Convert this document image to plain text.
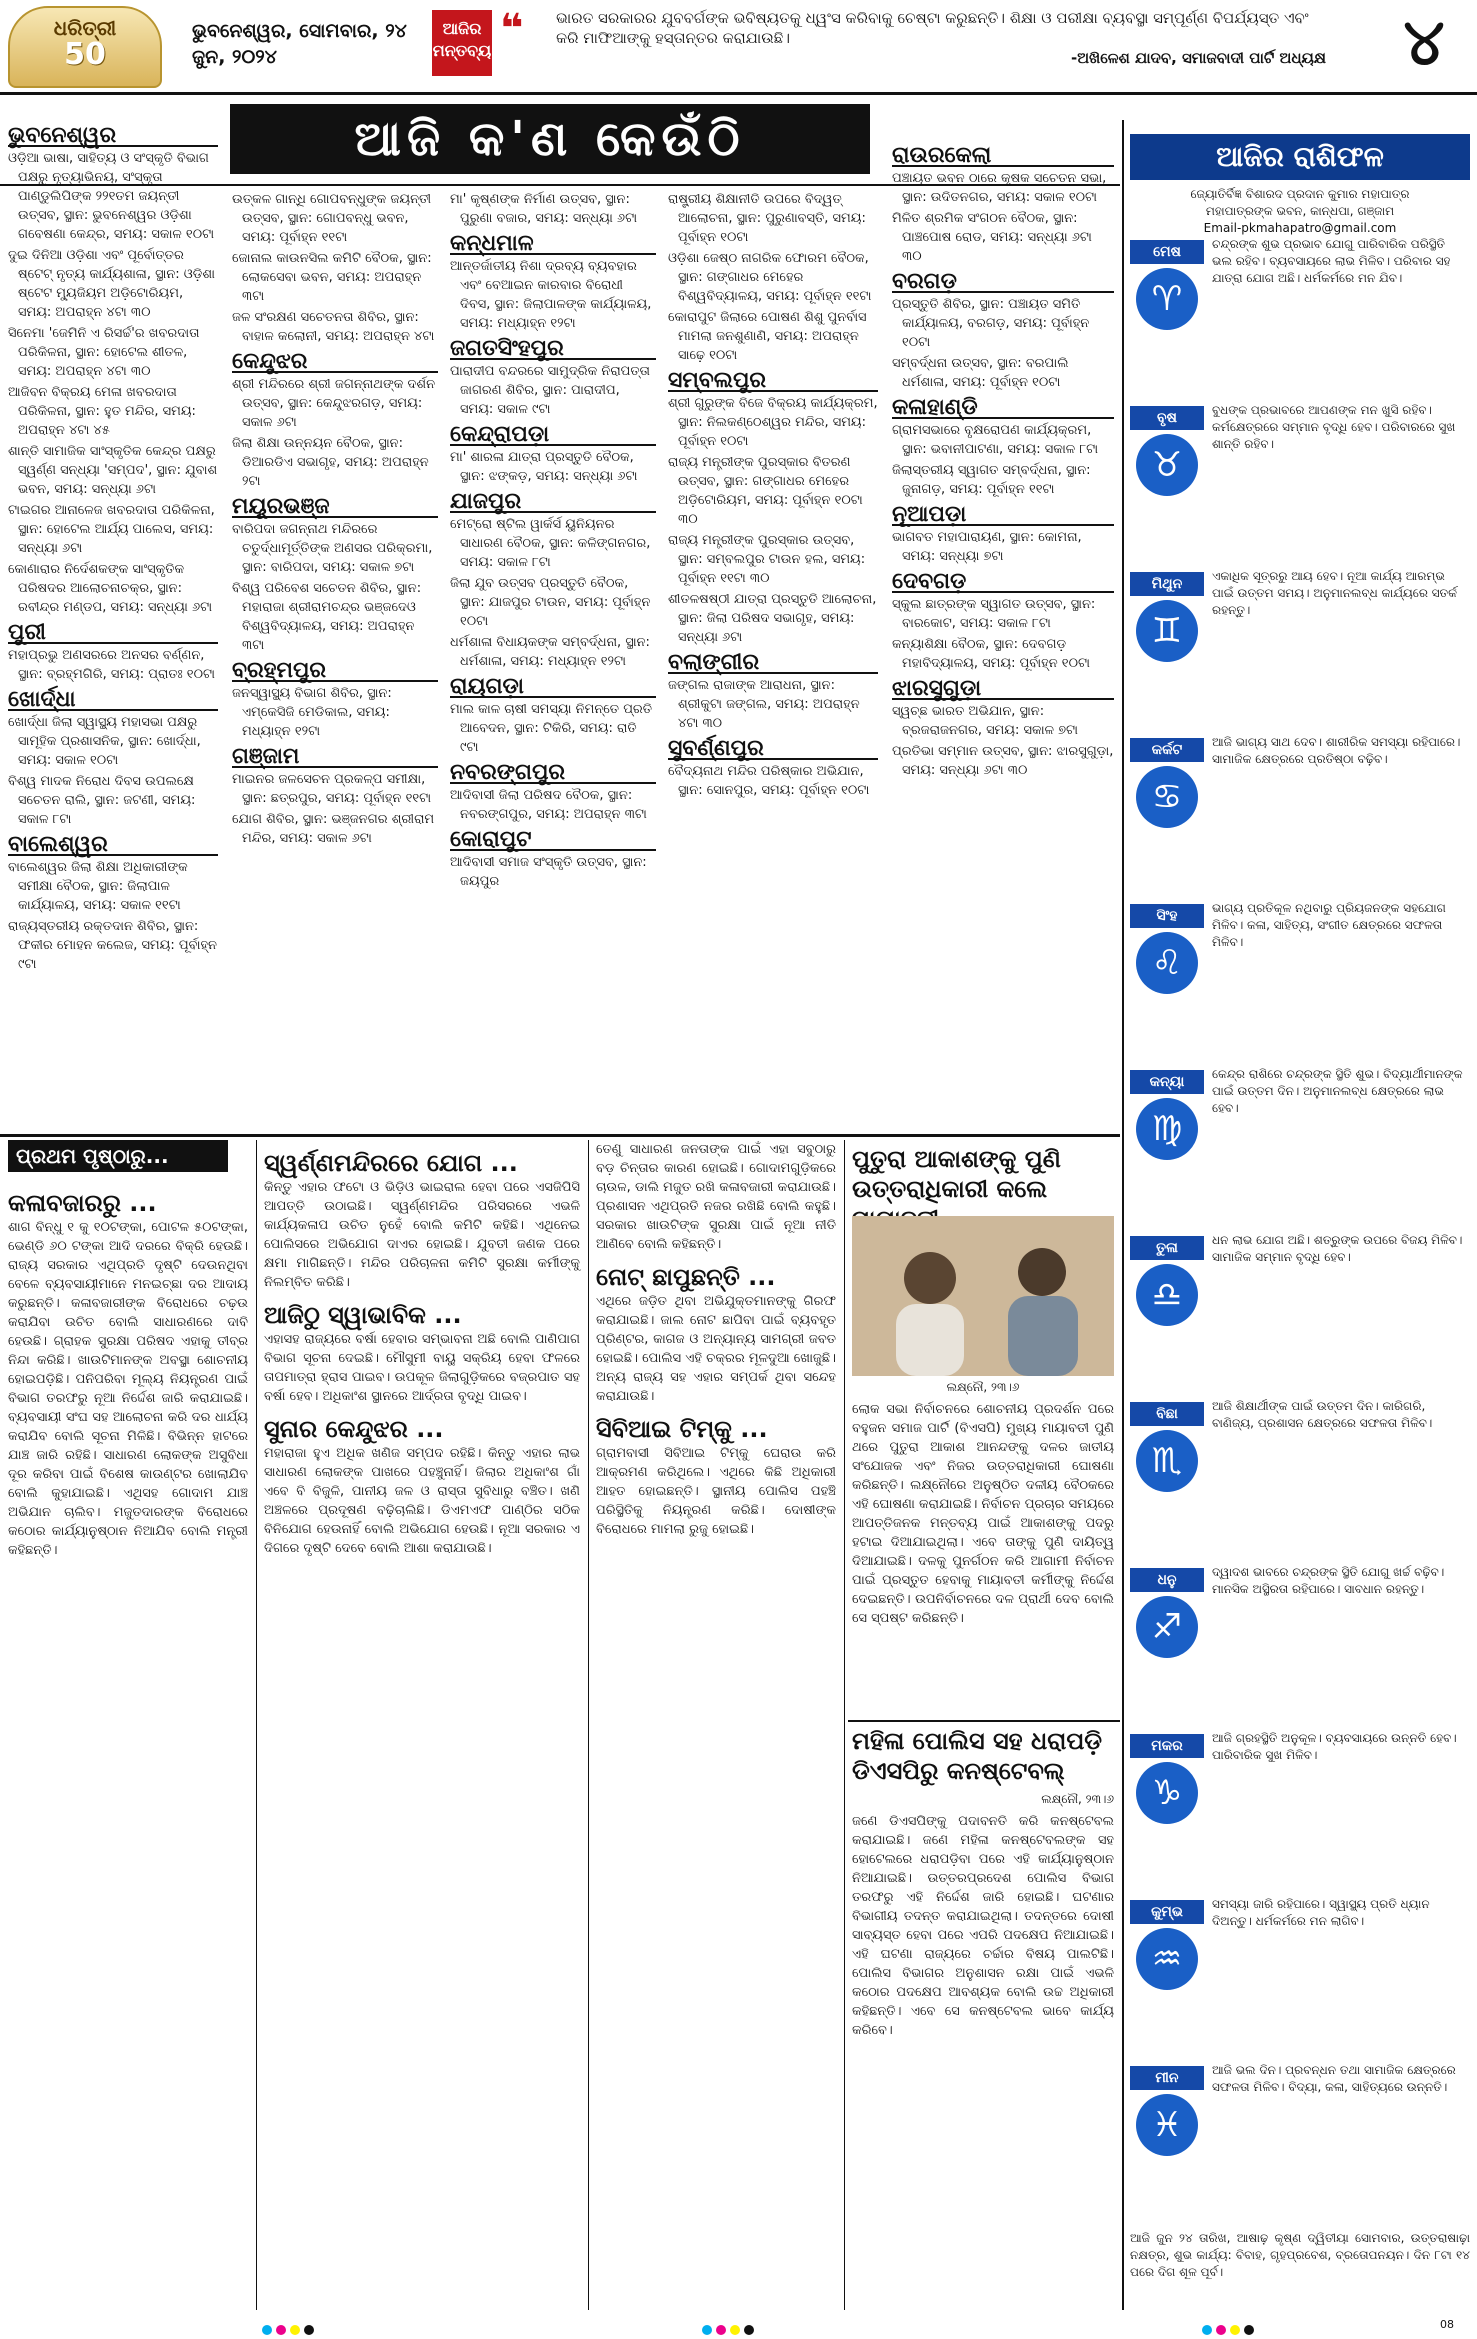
ଧରିତ୍ରୀ
50
ଭୁବନେଶ୍ୱର, ସୋମବାର, ୨୪ ଜୁନ, ୨୦୨୪
ଆଜିର ମନ୍ତବ୍ୟ ❝ ଭାରତ ସରକାରର ଯୁବବର୍ଗଙ୍କ ଭବିଷ୍ୟତକୁ ଧ୍ୱଂସ କରିବାକୁ ଚେଷ୍ଟା କରୁଛନ୍ତି। ଶିକ୍ଷା ଓ ପରୀକ୍ଷା ବ୍ୟବସ୍ଥା ସମ୍ପୂର୍ଣ୍ଣ ବିପର୍ଯ୍ୟସ୍ତ ଏବଂ କରି ମାଫିଆଙ୍କୁ ହସ୍ତାନ୍ତର କରାଯାଉଛି।
-ଅଖିଳେଶ ଯାଦବ, ସମାଜବାଦୀ ପାର୍ଟି ଅଧ୍ୟକ୍ଷ	୪
ଆଜି କ'ଣ କେଉଁଠି
ଭୁବନେଶ୍ୱର
ଓଡ଼ିଆ ଭାଷା, ସାହିତ୍ୟ ଓ ସଂସ୍କୃତି ବିଭାଗ ପକ୍ଷରୁ ନୃତ୍ୟାଭିନୟ, ସଂସ୍କୃତା ପାଣ୍ଡୁଲିପିଙ୍କ ୨୨୧ତମ ଜୟନ୍ତୀ ଉତ୍ସବ, ସ୍ଥାନ: ଭୁବନେଶ୍ୱର ଓଡ଼ିଶା ଗବେଷଣା କେନ୍ଦ୍ର, ସମୟ: ସକାଳ ୧୦ଟା
ଦୁଇ ଦିନିଆ ଓଡ଼ିଶା ଏବଂ ପୂର୍ବୋତ୍ତର ଷ୍ଟେଟ୍ ନୃତ୍ୟ କାର୍ଯ୍ୟଶାଳା, ସ୍ଥାନ: ଓଡ଼ିଶା ଷ୍ଟେଟ ମ୍ୟୁଜିୟମ ଅଡ଼ିଟୋରିୟମ, ସମୟ: ଅପରାହ୍ନ ୪ଟା ୩୦
ସିନେମା 'ଜେମିନି ଏ ରିସର୍ଚ୍ଚ'ର ଖବରଦାତା ପରିକିଳନା, ସ୍ଥାନ: ହୋଟେଲ ଶୀତଳ, ସମୟ: ଅପରାହ୍ନ ୪ଟା ୩୦
ଆଜିବନ ବିକ୍ରୟ ମେଳା ଖବରଦାତା ପରିକିଳନା, ସ୍ଥାନ: ହୁତ ମନ୍ଦିର, ସମୟ: ଅପରାହ୍ନ ୪ଟା ୪୫
ଶାନ୍ତି ସାମାଜିକ ସାଂସ୍କୃତିକ କେନ୍ଦ୍ର ପକ୍ଷରୁ ସ୍ୱର୍ଣ୍ଣ ସନ୍ଧ୍ୟା 'ସମ୍ପଦ', ସ୍ଥାନ: ଯୁବାଶ ଭବନ, ସମୟ: ସନ୍ଧ୍ୟା ୬ଟା
ଟାଇଗର ଆନାଳେଜ ଖବରଦାତା ପରିକିଳନା, ସ୍ଥାନ: ହୋଟେଲ ଆର୍ଯ୍ୟ ପାଲେସ, ସମୟ: ସନ୍ଧ୍ୟା ୬ଟା
କୋଣାରାର ନିର୍ଦେଶକଙ୍କ ସାଂସ୍କୃତିକ ପରିଷଦର ଆଲୋଚନାଚକ୍ର, ସ୍ଥାନ: ରବୀନ୍ଦ୍ର ମଣ୍ଡପ, ସମୟ: ସନ୍ଧ୍ୟା ୬ଟା
ପୁରୀ
ମହାପ୍ରଭୁ ଅଣସରରେ ଅନସର ବର୍ଣ୍ଣନ, ସ୍ଥାନ: ବ୍ରହ୍ମଗିରି, ସମୟ: ପ୍ରାତଃ ୧୦ଟା
ଖୋର୍ଦ୍ଧା
ଖୋର୍ଦ୍ଧା ଜିଲା ସ୍ୱାସ୍ଥ୍ୟ ମହାସଭା ପକ୍ଷରୁ ସାମୂହିକ ପ୍ରଶାସନିକ, ସ୍ଥାନ: ଖୋର୍ଦ୍ଧା, ସମୟ: ସକାଳ ୧୦ଟା
ବିଶ୍ୱ ମାଦକ ନିରୋଧ ଦିବସ ଉପଲକ୍ଷେ ସଚେତନ ରାଲି, ସ୍ଥାନ: ଜଟଣୀ, ସମୟ: ସକାଳ ୮ଟା
ବାଲେଶ୍ୱର
ବାଲେଶ୍ୱର ଜିଲା ଶିକ୍ଷା ଅଧିକାରୀଙ୍କ ସମୀକ୍ଷା ବୈଠକ, ସ୍ଥାନ: ଜିଲାପାଳ କାର୍ଯ୍ୟାଳୟ, ସମୟ: ସକାଳ ୧୧ଟା
ରାଜ୍ୟସ୍ତରୀୟ ରକ୍ତଦାନ ଶିବିର, ସ୍ଥାନ: ଫକୀର ମୋହନ କଲେଜ, ସମୟ: ପୂର୍ବାହ୍ନ ୯ଟା
ଉତ୍କଳ ଗାନ୍ଧି ଗୋପବନ୍ଧୁଙ୍କ ଜୟନ୍ତୀ ଉତ୍ସବ, ସ୍ଥାନ: ଗୋପବନ୍ଧୁ ଭବନ, ସମୟ: ପୂର୍ବାହ୍ନ ୧୧ଟା
ଜୋନାଲ କାଉନସିଲ କମିଟି ବୈଠକ, ସ୍ଥାନ: ଲୋକସେବା ଭବନ, ସମୟ: ଅପରାହ୍ନ ୩ଟା
ଜଳ ସଂରକ୍ଷଣ ସଚେତନତା ଶିବିର, ସ୍ଥାନ: ବାହାଳ କଲୋନୀ, ସମୟ: ଅପରାହ୍ନ ୪ଟା
କେନ୍ଦୁଝର
ଶ୍ରୀ ମନ୍ଦିରରେ ଶ୍ରୀ ଜଗନ୍ନାଥଙ୍କ ଦର୍ଶନ ଉତ୍ସବ, ସ୍ଥାନ: କେନ୍ଦୁଝରଗଡ଼, ସମୟ: ସକାଳ ୬ଟା
ଜିଲା ଶିକ୍ଷା ଉନ୍ନୟନ ବୈଠକ, ସ୍ଥାନ: ଡିଆରଡିଏ ସଭାଗୃହ, ସମୟ: ଅପରାହ୍ନ ୨ଟା
ମୟୂରଭଞ୍ଜ
ବାରିପଦା ଜଗନ୍ନାଥ ମନ୍ଦିରରେ ଚତୁର୍ଦ୍ଧାମୂର୍ତ୍ତିଙ୍କ ଅଣସର ପରିକ୍ରମା, ସ୍ଥାନ: ବାରିପଦା, ସମୟ: ସକାଳ ୭ଟା
ବିଶ୍ୱ ପରିବେଶ ସଚେତନ ଶିବିର, ସ୍ଥାନ: ମହାରାଜା ଶ୍ରୀରାମଚନ୍ଦ୍ର ଭଞ୍ଜଦେଓ ବିଶ୍ୱବିଦ୍ୟାଳୟ, ସମୟ: ଅପରାହ୍ନ ୩ଟା
ବ୍ରହ୍ମପୁର
ଜନସ୍ୱାସ୍ଥ୍ୟ ବିଭାଗ ଶିବିର, ସ୍ଥାନ: ଏମ୍‌କେସିଜି ମେଡିକାଲ, ସମୟ: ମଧ୍ୟାହ୍ନ ୧୨ଟା
ଗଞ୍ଜାମ
ମାଇନର ଜଳସେଚନ ପ୍ରକଳ୍ପ ସମୀକ୍ଷା, ସ୍ଥାନ: ଛତ୍ରପୁର, ସମୟ: ପୂର୍ବାହ୍ନ ୧୧ଟା
ଯୋଗ ଶିବିର, ସ୍ଥାନ: ଭଞ୍ଜନଗର ଶ୍ରୀରାମ ମନ୍ଦିର, ସମୟ: ସକାଳ ୬ଟା
ମା' କୃଷ୍ଣଙ୍କ ନିର୍ମାଣ ଉତ୍ସବ, ସ୍ଥାନ: ପୁରୁଣା ବଜାର, ସମୟ: ସନ୍ଧ୍ୟା ୬ଟା
କନ୍ଧମାଳ
ଆନ୍ତର୍ଜାତୀୟ ନିଶା ଦ୍ରବ୍ୟ ବ୍ୟବହାର ଏବଂ ବେଆଇନ କାରବାର ବିରୋଧୀ ଦିବସ, ସ୍ଥାନ: ଜିଲାପାଳଙ୍କ କାର୍ଯ୍ୟାଳୟ, ସମୟ: ମଧ୍ୟାହ୍ନ ୧୨ଟା
ଜଗତସିଂହପୁର
ପାରାଦୀପ ବନ୍ଦରରେ ସାମୁଦ୍ରିକ ନିରାପତ୍ତା ଜାଗରଣ ଶିବିର, ସ୍ଥାନ: ପାରାଦୀପ, ସମୟ: ସକାଳ ୯ଟା
କେନ୍ଦ୍ରାପଡ଼ା
ମା' ଶାରଳା ଯାତ୍ରା ପ୍ରସ୍ତୁତି ବୈଠକ, ସ୍ଥାନ: ଝଙ୍କଡ଼, ସମୟ: ସନ୍ଧ୍ୟା ୬ଟା
ଯାଜପୁର
ମେଟ୍ରୋ ଷ୍ଟିଲ ୱାର୍କର୍ସ ୟୁନିୟନର ସାଧାରଣ ବୈଠକ, ସ୍ଥାନ: କଳିଙ୍ଗନଗର, ସମୟ: ସକାଳ ୮ଟା
ଜିଲା ଯୁବ ଉତ୍ସବ ପ୍ରସ୍ତୁତି ବୈଠକ, ସ୍ଥାନ: ଯାଜପୁର ଟାଉନ, ସମୟ: ପୂର୍ବାହ୍ନ ୧୦ଟା
ଧର୍ମଶାଳା ବିଧାୟକଙ୍କ ସମ୍ବର୍ଦ୍ଧନା, ସ୍ଥାନ: ଧର୍ମଶାଳା, ସମୟ: ମଧ୍ୟାହ୍ନ ୧୨ଟା
ରାୟଗଡ଼ା
ମାଲ କାଳ ଚାଷୀ ସମସ୍ୟା ନିମନ୍ତେ ପ୍ରତି ଆବେଦନ, ସ୍ଥାନ: ଟିକିରି, ସମୟ: ରାତି ୯ଟା
ନବରଙ୍ଗପୁର
ଆଦିବାସୀ ଜିଲା ପରିଷଦ ବୈଠକ, ସ୍ଥାନ: ନବରଙ୍ଗପୁର, ସମୟ: ଅପରାହ୍ନ ୩ଟା
କୋରାପୁଟ
ଆଦିବାସୀ ସମାଜ ସଂସ୍କୃତି ଉତ୍ସବ, ସ୍ଥାନ: ଜୟପୁର
ରାଷ୍ଟ୍ରୀୟ ଶିକ୍ଷାନୀତି ଉପରେ ବିଦ୍ୱତ୍ ଆଲୋଚନା, ସ୍ଥାନ: ପୁରୁଣାବସ୍ତି, ସମୟ: ପୂର୍ବାହ୍ନ ୧୦ଟା
ଓଡ଼ିଶା ଜେଷ୍ଠ ନାଗରିକ ଫୋରମ ବୈଠକ, ସ୍ଥାନ: ଗଙ୍ଗାଧର ମେହେର ବିଶ୍ୱବିଦ୍ୟାଳୟ, ସମୟ: ପୂର୍ବାହ୍ନ ୧୧ଟା
କୋରାପୁଟ ଜିଲାରେ ପୋଷଣ ଶିଶୁ ପୁନର୍ବାସ ମାମଲା ଜନଶୁଣାଣି, ସମୟ: ଅପରାହ୍ନ ସାଢ଼େ ୧୦ଟା
ସମ୍ବଲପୁର
ଶ୍ରୀ ଗୁରୁଙ୍କ ବିଜେ ବିକ୍ରୟ କାର୍ଯ୍ୟକ୍ରମ, ସ୍ଥାନ: ନିଲକଣ୍ଠେଶ୍ୱର ମନ୍ଦିର, ସମୟ: ପୂର୍ବାହ୍ନ ୧୦ଟା
ରାଜ୍ୟ ମନ୍ତ୍ରୀଙ୍କ ପୁରସ୍କାର ବିତରଣ ଉତ୍ସବ, ସ୍ଥାନ: ଗଙ୍ଗାଧର ମେହେର ଅଡ଼ିଟୋରିୟମ, ସମୟ: ପୂର୍ବାହ୍ନ ୧୦ଟା ୩୦
ରାଜ୍ୟ ମନ୍ତ୍ରୀଙ୍କ ପୁରସ୍କାର ଉତ୍ସବ, ସ୍ଥାନ: ସମ୍ବଲପୁର ଟାଉନ ହଲ, ସମୟ: ପୂର୍ବାହ୍ନ ୧୧ଟା ୩୦
ଶୀତଳଷଷ୍ଠୀ ଯାତ୍ରା ପ୍ରସ୍ତୁତି ଆଲୋଚନା, ସ୍ଥାନ: ଜିଲା ପରିଷଦ ସଭାଗୃହ, ସମୟ: ସନ୍ଧ୍ୟା ୬ଟା
ବଲାଙ୍ଗୀର
ଜଙ୍ଗଲ ରାଜାଙ୍କ ଆରାଧନା, ସ୍ଥାନ: ଶ୍ରୀକୁଟା ଜଙ୍ଗଲ, ସମୟ: ଅପରାହ୍ନ ୪ଟା ୩୦
ସୁବର୍ଣ୍ଣପୁର
ବୈଦ୍ୟନାଥ ମନ୍ଦିର ପରିଷ୍କାର ଅଭିଯାନ, ସ୍ଥାନ: ସୋନପୁର, ସମୟ: ପୂର୍ବାହ୍ନ ୧୦ଟା
ରାଉରକେଲା
ପଞ୍ଚାୟତ ଭବନ ଠାରେ କୃଷକ ସଚେତନ ସଭା, ସ୍ଥାନ: ଉଦିତନଗର, ସମୟ: ସକାଳ ୧୦ଟା
ମିଳିତ ଶ୍ରମିକ ସଂଗଠନ ବୈଠକ, ସ୍ଥାନ: ପାଞ୍ଚପୋଷ ରୋଡ, ସମୟ: ସନ୍ଧ୍ୟା ୬ଟା ୩୦
ବରଗଡ଼
ପ୍ରସ୍ତୁତି ଶିବିର, ସ୍ଥାନ: ପଞ୍ଚାୟତ ସମିତି କାର୍ଯ୍ୟାଳୟ, ବରଗଡ଼, ସମୟ: ପୂର୍ବାହ୍ନ ୧୦ଟା
ସମ୍ବର୍ଦ୍ଧନା ଉତ୍ସବ, ସ୍ଥାନ: ବରପାଲି ଧର୍ମଶାଳା, ସମୟ: ପୂର୍ବାହ୍ନ ୧୦ଟା
କଳାହାଣ୍ଡି
ଗ୍ରାମସଭାରେ ବୃକ୍ଷରୋପଣ କାର୍ଯ୍ୟକ୍ରମ, ସ୍ଥାନ: ଭବାନୀପାଟଣା, ସମୟ: ସକାଳ ୮ଟା
ଜିଲାସ୍ତରୀୟ ସ୍ୱାଗତ ସମ୍ବର୍ଦ୍ଧନା, ସ୍ଥାନ: ଜୁନାଗଡ଼, ସମୟ: ପୂର୍ବାହ୍ନ ୧୧ଟା
ନୂଆପଡ଼ା
ଭାଗବତ ମହାପାରାୟଣ, ସ୍ଥାନ: କୋମନା, ସମୟ: ସନ୍ଧ୍ୟା ୭ଟା
ଦେବଗଡ଼
ସ୍କୁଲ ଛାତ୍ରଙ୍କ ସ୍ୱାଗତ ଉତ୍ସବ, ସ୍ଥାନ: ବାରକୋଟ, ସମୟ: ସକାଳ ୮ଟା
କନ୍ୟାଶିକ୍ଷା ବୈଠକ, ସ୍ଥାନ: ଦେବଗଡ଼ ମହାବିଦ୍ୟାଳୟ, ସମୟ: ପୂର୍ବାହ୍ନ ୧୦ଟା
ଝାରସୁଗୁଡ଼ା
ସ୍ୱଚ୍ଛ ଭାରତ ଅଭିଯାନ, ସ୍ଥାନ: ବ୍ରଜରାଜନଗର, ସମୟ: ସକାଳ ୭ଟା
ପ୍ରତିଭା ସମ୍ମାନ ଉତ୍ସବ, ସ୍ଥାନ: ଝାରସୁଗୁଡ଼ା, ସମୟ: ସନ୍ଧ୍ୟା ୬ଟା ୩୦
ଆଜିର ରାଶିଫଳ
ଜ୍ୟୋତିର୍ବିଜ୍ଞ ବିଶାରଦ ପ୍ରଦାନ କୁମାର ମହାପାତ୍ର
ମହାପାତ୍ରଙ୍କ ଭବନ, କାନ୍ଧପା, ଗଞ୍ଜାମ
Email-pkmahapatro@gmail.com
ମେଷ
♈
ଚନ୍ଦ୍ରଙ୍କ ଶୁଭ ପ୍ରଭାବ ଯୋଗୁ ପାରିବାରିକ ପରିସ୍ଥିତି ଭଲ ରହିବ। ବ୍ୟବସାୟରେ ଲାଭ ମିଳିବ। ପରିବାର ସହ ଯାତ୍ରା ଯୋଗ ଅଛି। ଧର୍ମକର୍ମରେ ମନ ଯିବ।
ବୃଷ
♉
ବୁଧଙ୍କ ପ୍ରଭାବରେ ଆପଣଙ୍କ ମନ ଖୁସି ରହିବ। କର୍ମକ୍ଷେତ୍ରରେ ସମ୍ମାନ ବୃଦ୍ଧି ହେବ। ପରିବାରରେ ସୁଖ ଶାନ୍ତି ରହିବ।
ମିଥୁନ
♊
ଏକାଧିକ ସୂତ୍ରରୁ ଆୟ ହେବ। ନୂଆ କାର୍ଯ୍ୟ ଆରମ୍ଭ ପାଇଁ ଉତ୍ତମ ସମୟ। ଅନୁମାନଲବ୍ଧ କାର୍ଯ୍ୟରେ ସତର୍କ ରହନ୍ତୁ।
କର୍କଟ
♋
ଆଜି ଭାଗ୍ୟ ସାଥ ଦେବ। ଶାରୀରିକ ସମସ୍ୟା ରହିପାରେ। ସାମାଜିକ କ୍ଷେତ୍ରରେ ପ୍ରତିଷ୍ଠା ବଢ଼ିବ।
ସିଂହ
♌
ଭାଗ୍ୟ ପ୍ରତିକୂଳ ନଥିବାରୁ ପ୍ରିୟଜନଙ୍କ ସହଯୋଗ ମିଳିବ। କଳା, ସାହିତ୍ୟ, ସଂଗୀତ କ୍ଷେତ୍ରରେ ସଫଳତା ମିଳିବ।
କନ୍ୟା
♍
କେନ୍ଦ୍ର ରାଶିରେ ଚନ୍ଦ୍ରଙ୍କ ସ୍ଥିତି ଶୁଭ। ବିଦ୍ୟାର୍ଥୀମାନଙ୍କ ପାଇଁ ଉତ୍ତମ ଦିନ। ଅନୁମାନଲବ୍ଧ କ୍ଷେତ୍ରରେ ଲାଭ ହେବ।
ତୁଳା
♎
ଧନ ଲାଭ ଯୋଗ ଅଛି। ଶତ୍ରୁଙ୍କ ଉପରେ ବିଜୟ ମିଳିବ। ସାମାଜିକ ସମ୍ମାନ ବୃଦ୍ଧି ହେବ।
ବିଛା
♏
ଆଜି ଶିକ୍ଷାର୍ଥୀଙ୍କ ପାଇଁ ଉତ୍ତମ ଦିନ। କାରିଗରି, ବାଣିଜ୍ୟ, ପ୍ରଶାସନ କ୍ଷେତ୍ରରେ ସଫଳତା ମିଳିବ।
ଧନୁ
♐
ଦ୍ୱାଦଶ ଭାବରେ ଚନ୍ଦ୍ରଙ୍କ ସ୍ଥିତି ଯୋଗୁ ଖର୍ଚ୍ଚ ବଢ଼ିବ। ମାନସିକ ଅସ୍ଥିରତା ରହିପାରେ। ସାବଧାନ ରହନ୍ତୁ।
ମକର
♑
ଆଜି ଗ୍ରହସ୍ଥିତି ଅନୁକୂଳ। ବ୍ୟବସାୟରେ ଉନ୍ନତି ହେବ। ପାରିବାରିକ ସୁଖ ମିଳିବ।
କୁମ୍ଭ
♒
ସମସ୍ୟା ଜାରି ରହିପାରେ। ସ୍ୱାସ୍ଥ୍ୟ ପ୍ରତି ଧ୍ୟାନ ଦିଅନ୍ତୁ। ଧର୍ମକର୍ମରେ ମନ ଲାଗିବ।
ମୀନ
♓
ଆଜି ଭଲ ଦିନ। ପ୍ରବନ୍ଧନ ତଥା ସାମାଜିକ କ୍ଷେତ୍ରରେ ସଫଳତା ମିଳିବ। ବିଦ୍ୟା, କଳା, ସାହିତ୍ୟରେ ଉନ୍ନତି।
ଆଜି ଜୁନ ୨୪ ତାରିଖ, ଆଷାଢ଼ କୃଷ୍ଣ ଦ୍ୱିତୀୟା ସୋମବାର, ଉତ୍ତରାଷାଢ଼ା ନକ୍ଷତ୍ର, ଶୁଭ କାର୍ଯ୍ୟ: ବିବାହ, ଗୃହପ୍ରବେଶ, ବ୍ରତୋପନୟନ। ଦିନ ୮ଟା ୧୪ ପରେ ଦିଗ ଶୂଳ ପୂର୍ବ।
ପ୍ରଥମ ପୃଷ୍ଠାରୁ...
କଳାବଜାରରୁ ...
ଶାଗ ବିନ୍ଧୁ ୧ କୁ ୧୦ଟଙ୍କା, ପୋଟଳ ୫୦ଟଙ୍କା, ଭେଣ୍ଡି ୬୦ ଟଙ୍କା ଆଦି ଦରରେ ବିକ୍ରି ହେଉଛି। ରାଜ୍ୟ ସରକାର ଏଥିପ୍ରତି ଦୃଷ୍ଟି ଦେଉନଥିବା ବେଳେ ବ୍ୟବସାୟୀମାନେ ମନଇଚ୍ଛା ଦର ଆଦାୟ କରୁଛନ୍ତି। କଳାବଜାରୀଙ୍କ ବିରୋଧରେ ଚଢ଼ଉ କରାଯିବା ଉଚିତ ବୋଲି ସାଧାରଣରେ ଦାବି ହେଉଛି। ଗ୍ରାହକ ସୁରକ୍ଷା ପରିଷଦ ଏହାକୁ ତୀବ୍ର ନିନ୍ଦା କରିଛି। ଖାଉଟିମାନଙ୍କ ଅବସ୍ଥା ଶୋଚନୀୟ ହୋଇପଡ଼ିଛି। ପନିପରିବା ମୂଲ୍ୟ ନିୟନ୍ତ୍ରଣ ପାଇଁ ବିଭାଗ ତରଫରୁ ନୂଆ ନିର୍ଦ୍ଦେଶ ଜାରି କରାଯାଇଛି। ବ୍ୟବସାୟୀ ସଂଘ ସହ ଆଲୋଚନା କରି ଦର ଧାର୍ଯ୍ୟ କରାଯିବ ବୋଲି ସୂଚନା ମିଳିଛି। ବିଭିନ୍ନ ହାଟରେ ଯାଞ୍ଚ ଜାରି ରହିଛି। ସାଧାରଣ ଲୋକଙ୍କ ଅସୁବିଧା ଦୂର କରିବା ପାଇଁ ବିଶେଷ କାଉଣ୍ଟର ଖୋଲାଯିବ ବୋଲି କୁହାଯାଇଛି। ଏଥିସହ ଗୋଦାମ ଯାଞ୍ଚ ଅଭିଯାନ ଚାଲିବ। ମଜୁତଦାରଙ୍କ ବିରୋଧରେ କଠୋର କାର୍ଯ୍ୟାନୁଷ୍ଠାନ ନିଆଯିବ ବୋଲି ମନ୍ତ୍ରୀ କହିଛନ୍ତି।
ସ୍ୱର୍ଣ୍ଣମନ୍ଦିରରେ ଯୋଗ ...
କିନ୍ତୁ ଏହାର ଫଟୋ ଓ ଭିଡ଼ିଓ ଭାଇରାଲ ହେବା ପରେ ଏସଜିପିସି ଆପତ୍ତି ଉଠାଇଛି। ସ୍ୱର୍ଣ୍ଣମନ୍ଦିର ପରିସରରେ ଏଭଳି କାର୍ଯ୍ୟକଳାପ ଉଚିତ ନୁହେଁ ବୋଲି କମିଟି କହିଛି। ଏଥିନେଇ ପୋଲିସରେ ଅଭିଯୋଗ ଦାଏର ହୋଇଛି। ଯୁବତୀ ଜଣକ ପରେ କ୍ଷମା ମାଗିଛନ୍ତି। ମନ୍ଦିର ପରିଚାଳନା କମିଟି ସୁରକ୍ଷା କର୍ମୀଙ୍କୁ ନିଲମ୍ବିତ କରିଛି।
ଆଜିଠୁ ସ୍ୱାଭାବିକ ...
ଏହାସହ ରାଜ୍ୟରେ ବର୍ଷା ହେବାର ସମ୍ଭାବନା ଅଛି ବୋଲି ପାଣିପାଗ ବିଭାଗ ସୂଚନା ଦେଇଛି। ମୌସୁମୀ ବାୟୁ ସକ୍ରିୟ ହେବା ଫଳରେ ତାପମାତ୍ରା ହ୍ରାସ ପାଇବ। ଉପକୂଳ ଜିଲାଗୁଡ଼ିକରେ ବଜ୍ରପାତ ସହ ବର୍ଷା ହେବ। ଅଧିକାଂଶ ସ୍ଥାନରେ ଆର୍ଦ୍ରତା ବୃଦ୍ଧି ପାଇବ।
ସୁନାର କେନ୍ଦୁଝର ...
ମହାରାଜା ହୁଏ ଅଧିକ ଖଣିଜ ସମ୍ପଦ ରହିଛି। କିନ୍ତୁ ଏହାର ଲାଭ ସାଧାରଣ ଲୋକଙ୍କ ପାଖରେ ପହଞ୍ଚୁନାହିଁ। ଜିଲାର ଅଧିକାଂଶ ଗାଁ ଏବେ ବି ବିଜୁଳି, ପାନୀୟ ଜଳ ଓ ରାସ୍ତା ସୁବିଧାରୁ ବଞ୍ଚିତ। ଖଣି ଅଞ୍ଚଳରେ ପ୍ରଦୂଷଣ ବଢ଼ିଚାଲିଛି। ଡିଏମଏଫ ପାଣ୍ଠିର ସଠିକ ବିନିଯୋଗ ହେଉନାହିଁ ବୋଲି ଅଭିଯୋଗ ହେଉଛି। ନୂଆ ସରକାର ଏ ଦିଗରେ ଦୃଷ୍ଟି ଦେବେ ବୋଲି ଆଶା କରାଯାଉଛି।
ତେଣୁ ସାଧାରଣ ଜନତାଙ୍କ ପାଇଁ ଏହା ସବୁଠାରୁ ବଡ଼ ଚିନ୍ତାର କାରଣ ହୋଇଛି। ଗୋଦାମଗୁଡ଼ିକରେ ଚାଉଳ, ଡାଲି ମଜୁତ ରଖି କଳାବଜାରୀ କରାଯାଉଛି। ପ୍ରଶାସନ ଏଥିପ୍ରତି ନଜର ରଖିଛି ବୋଲି କହୁଛି। ସରକାର ଖାଉଟିଙ୍କ ସୁରକ୍ଷା ପାଇଁ ନୂଆ ନୀତି ଆଣିବେ ବୋଲି କହିଛନ୍ତି।
ନୋଟ୍ ଛାପୁଛନ୍ତି ...
ଏଥିରେ ଜଡ଼ିତ ଥିବା ଅଭିଯୁକ୍ତମାନଙ୍କୁ ଗିରଫ କରାଯାଇଛି। ଜାଲ ନୋଟ ଛାପିବା ପାଇଁ ବ୍ୟବହୃତ ପ୍ରିଣ୍ଟର, କାଗଜ ଓ ଅନ୍ୟାନ୍ୟ ସାମଗ୍ରୀ ଜବତ ହୋଇଛି। ପୋଲିସ ଏହି ଚକ୍ରର ମୂଳଦୁଆ ଖୋଜୁଛି। ଅନ୍ୟ ରାଜ୍ୟ ସହ ଏହାର ସମ୍ପର୍କ ଥିବା ସନ୍ଦେହ କରାଯାଉଛି।
ସିବିଆଇ ଟିମ୍‌କୁ ...
ଗ୍ରାମବାସୀ ସିବିଆଇ ଟିମ୍‌କୁ ଘେରାଉ କରି ଆକ୍ରମଣ କରିଥିଲେ। ଏଥିରେ କିଛି ଅଧିକାରୀ ଆହତ ହୋଇଛନ୍ତି। ସ୍ଥାନୀୟ ପୋଲିସ ପହଞ୍ଚି ପରିସ୍ଥିତିକୁ ନିୟନ୍ତ୍ରଣ କରିଛି। ଦୋଷୀଙ୍କ ବିରୋଧରେ ମାମଲା ରୁଜୁ ହୋଇଛି।
ପୁତୁରା ଆକାଶଙ୍କୁ ପୁଣି ଉତ୍ତରାଧିକାରୀ କଲେ
ଲକ୍ଷ୍ନୌ, ୨୩।୬
ଲୋକ ସଭା ନିର୍ବାଚନରେ ଶୋଚନୀୟ ପ୍ରଦର୍ଶନ ପରେ ବହୁଜନ ସମାଜ ପାର୍ଟି (ବିଏସପି) ମୁଖ୍ୟ ମାୟାବତୀ ପୁଣି ଥରେ ପୁତୁରା ଆକାଶ ଆନନ୍ଦଙ୍କୁ ଦଳର ଜାତୀୟ ସଂଯୋଜକ ଏବଂ ନିଜର ଉତ୍ତରାଧିକାରୀ ଘୋଷଣା କରିଛନ୍ତି। ଲକ୍ଷ୍ନୌରେ ଅନୁଷ୍ଠିତ ଦଳୀୟ ବୈଠକରେ ଏହି ଘୋଷଣା କରାଯାଇଛି। ନିର୍ବାଚନ ପ୍ରଚାର ସମୟରେ ଆପତ୍ତିଜନକ ମନ୍ତବ୍ୟ ପାଇଁ ଆକାଶଙ୍କୁ ପଦରୁ ହଟାଇ ଦିଆଯାଇଥିଲା। ଏବେ ତାଙ୍କୁ ପୁଣି ଦାୟିତ୍ୱ ଦିଆଯାଇଛି। ଦଳକୁ ପୁନର୍ଗଠନ କରି ଆଗାମୀ ନିର୍ବାଚନ ପାଇଁ ପ୍ରସ୍ତୁତ ହେବାକୁ ମାୟାବତୀ କର୍ମୀଙ୍କୁ ନିର୍ଦ୍ଦେଶ ଦେଇଛନ୍ତି। ଉପନିର୍ବାଚନରେ ଦଳ ପ୍ରାର୍ଥୀ ଦେବ ବୋଲି ସେ ସ୍ପଷ୍ଟ କରିଛନ୍ତି।
ମହିଳା ପୋଲିସ ସହ ଧରାପଡ଼ି ଡିଏସପିରୁ କନଷ୍ଟେବଲ୍
ଲକ୍ଷ୍ନୌ, ୨୩।୬
ଜଣେ ଡିଏସପିଙ୍କୁ ପଦାବନତି କରି କନଷ୍ଟେବଲ କରାଯାଇଛି। ଜଣେ ମହିଳା କନଷ୍ଟେବଲଙ୍କ ସହ ହୋଟେଲରେ ଧରାପଡ଼ିବା ପରେ ଏହି କାର୍ଯ୍ୟାନୁଷ୍ଠାନ ନିଆଯାଇଛି। ଉତ୍ତରପ୍ରଦେଶ ପୋଲିସ ବିଭାଗ ତରଫରୁ ଏହି ନିର୍ଦ୍ଦେଶ ଜାରି ହୋଇଛି। ଘଟଣାର ବିଭାଗୀୟ ତଦନ୍ତ କରାଯାଇଥିଲା। ତଦନ୍ତରେ ଦୋଷୀ ସାବ୍ୟସ୍ତ ହେବା ପରେ ଏପରି ପଦକ୍ଷେପ ନିଆଯାଇଛି। ଏହି ଘଟଣା ରାଜ୍ୟରେ ଚର୍ଚ୍ଚାର ବିଷୟ ପାଲଟିଛି। ପୋଲିସ ବିଭାଗର ଅନୁଶାସନ ରକ୍ଷା ପାଇଁ ଏଭଳି କଠୋର ପଦକ୍ଷେପ ଆବଶ୍ୟକ ବୋଲି ଉଚ୍ଚ ଅଧିକାରୀ କହିଛନ୍ତି। ଏବେ ସେ କନଷ୍ଟେବଲ ଭାବେ କାର୍ଯ୍ୟ କରିବେ।
08
